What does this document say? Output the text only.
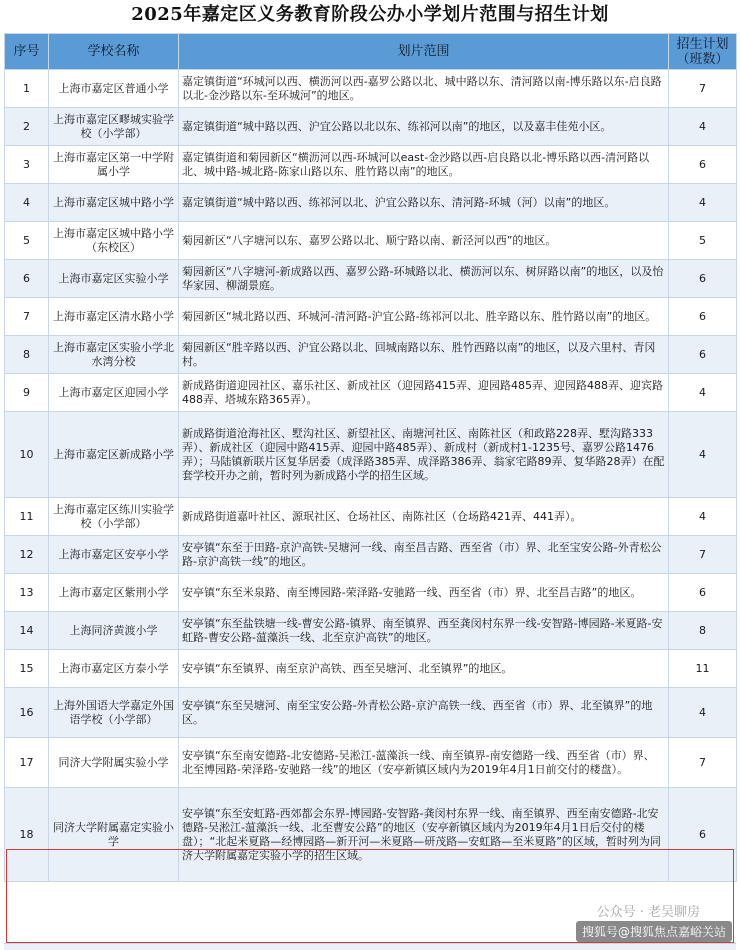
2025年嘉定区义务教育阶段公办小学划片范围与招生计划
序号	学校名称	划片范围	招生计划（班数）
1	上海市嘉定区普通小学	嘉定镇街道“环城河以西、横沥河以西-嘉罗公路以北、城中路以东、清河路以南-博乐路以东-启良路以北-金沙路以东-至环城河”的地区。	7
2	上海市嘉定区疁城实验学校（小学部）	嘉定镇街道“城中路以西、沪宜公路以北以东、练祁河以南”的地区，以及嘉丰佳苑小区。	4
3	上海市嘉定区第一中学附属小学	嘉定镇街道和菊园新区“横沥河以西-环城河以east-金沙路以西-启良路以北-博乐路以西-清河路以北、城中路-城北路-陈家山路以东、胜竹路以南”的地区。	6
4	上海市嘉定区城中路小学	嘉定镇街道“城中路以西、练祁河以北、沪宜公路以东、清河路-环城（河）以南”的地区。	4
5	上海市嘉定区城中路小学（东校区）	菊园新区“八字塘河以东、嘉罗公路以北、顺宁路以南、新泾河以西”的地区。	5
6	上海市嘉定区实验小学	菊园新区“八字塘河-新成路以西、嘉罗公路-环城路以北、横沥河以东、树屏路以南”的地区，以及怡华家园、柳湖景庭。	6
7	上海市嘉定区清水路小学	菊园新区“城北路以西、环城河-清河路-沪宜公路-练祁河以北、胜辛路以东、胜竹路以南”的地区。	6
8	上海市嘉定区实验小学北水湾分校	菊园新区“胜辛路以西、沪宜公路以北、回城南路以东、胜竹西路以南”的地区，以及六里村、青冈村。	6
9	上海市嘉定区迎园小学	新成路街道迎园社区、嘉乐社区、新成社区（迎园路415弄、迎园路485弄、迎园路488弄、迎宾路488弄、塔城东路365弄）。	4
10	上海市嘉定区新成路小学	新成路街道沧海社区、墅沟社区、新望社区、南塘河社区、南陈社区（和政路228弄、墅沟路333弄）、新成社区（迎园中路415弄、迎园中路485弄）、新成村（新成村1-1235号、嘉罗公路1476弄）；马陆镇新联片区复华居委（成泽路385弄、成泽路386弄、翁家宅路89弄、复华路28弄）在配套学校开办之前，暂时列为新成路小学的招生区域。	4
11	上海市嘉定区练川实验学校（小学部）	新成路街道嘉叶社区、源珉社区、仓场社区、南陈社区（仓场路421弄、441弄）。	4
12	上海市嘉定区安亭小学	安亭镇“东至于田路-京沪高铁-吴塘河一线、南至昌吉路、西至省（市）界、北至宝安公路-外青松公路-京沪高铁一线”的地区。	7
13	上海市嘉定区紫荆小学	安亭镇“东至米泉路、南至博园路-荣泽路-安驰路一线、西至省（市）界、北至昌吉路”的地区。	6
14	上海同济黄渡小学	安亭镇“东至盐铁塘一线-曹安公路-镇界、南至镇界、西至龚闵村东界一线-安智路-博园路-米夏路-安虹路-曹安公路-蕰藻浜一线、北至京沪高铁”的地区。	8
15	上海市嘉定区方泰小学	安亭镇“东至镇界、南至京沪高铁、西至吴塘河、北至镇界”的地区。	11
16	上海外国语大学嘉定外国语学校（小学部）	安亭镇“东至吴塘河、南至宝安公路-外青松公路-京沪高铁一线、西至省（市）界、北至镇界”的地区。	4
17	同济大学附属实验小学	安亭镇“东至南安德路-北安德路-吴淞江-蕰藻浜一线、南至镇界-南安德路一线、西至省（市）界、北至博园路-荣泽路-安驰路一线”的地区（安亭新镇区域内为2019年4月1日前交付的楼盘）。	7
18	同济大学附属嘉定实验小学	安亭镇“东至安虹路-西郊都会东界-博园路-安智路-龚闵村东界一线、南至镇界、西至南安德路-北安德路-吴淞江-蕰藻浜一线、北至曹安公路”的地区（安亭新镇区域内为2019年4月1日后交付的楼盘）；“北起米夏路—经博园路—新开河—米夏路—研茂路—安虹路—至米夏路”的区域，暂时列为同济大学附属嘉定实验小学的招生区域。	6
公众号 · 老吴聊房
搜狐号@搜狐焦点嘉峪关站
